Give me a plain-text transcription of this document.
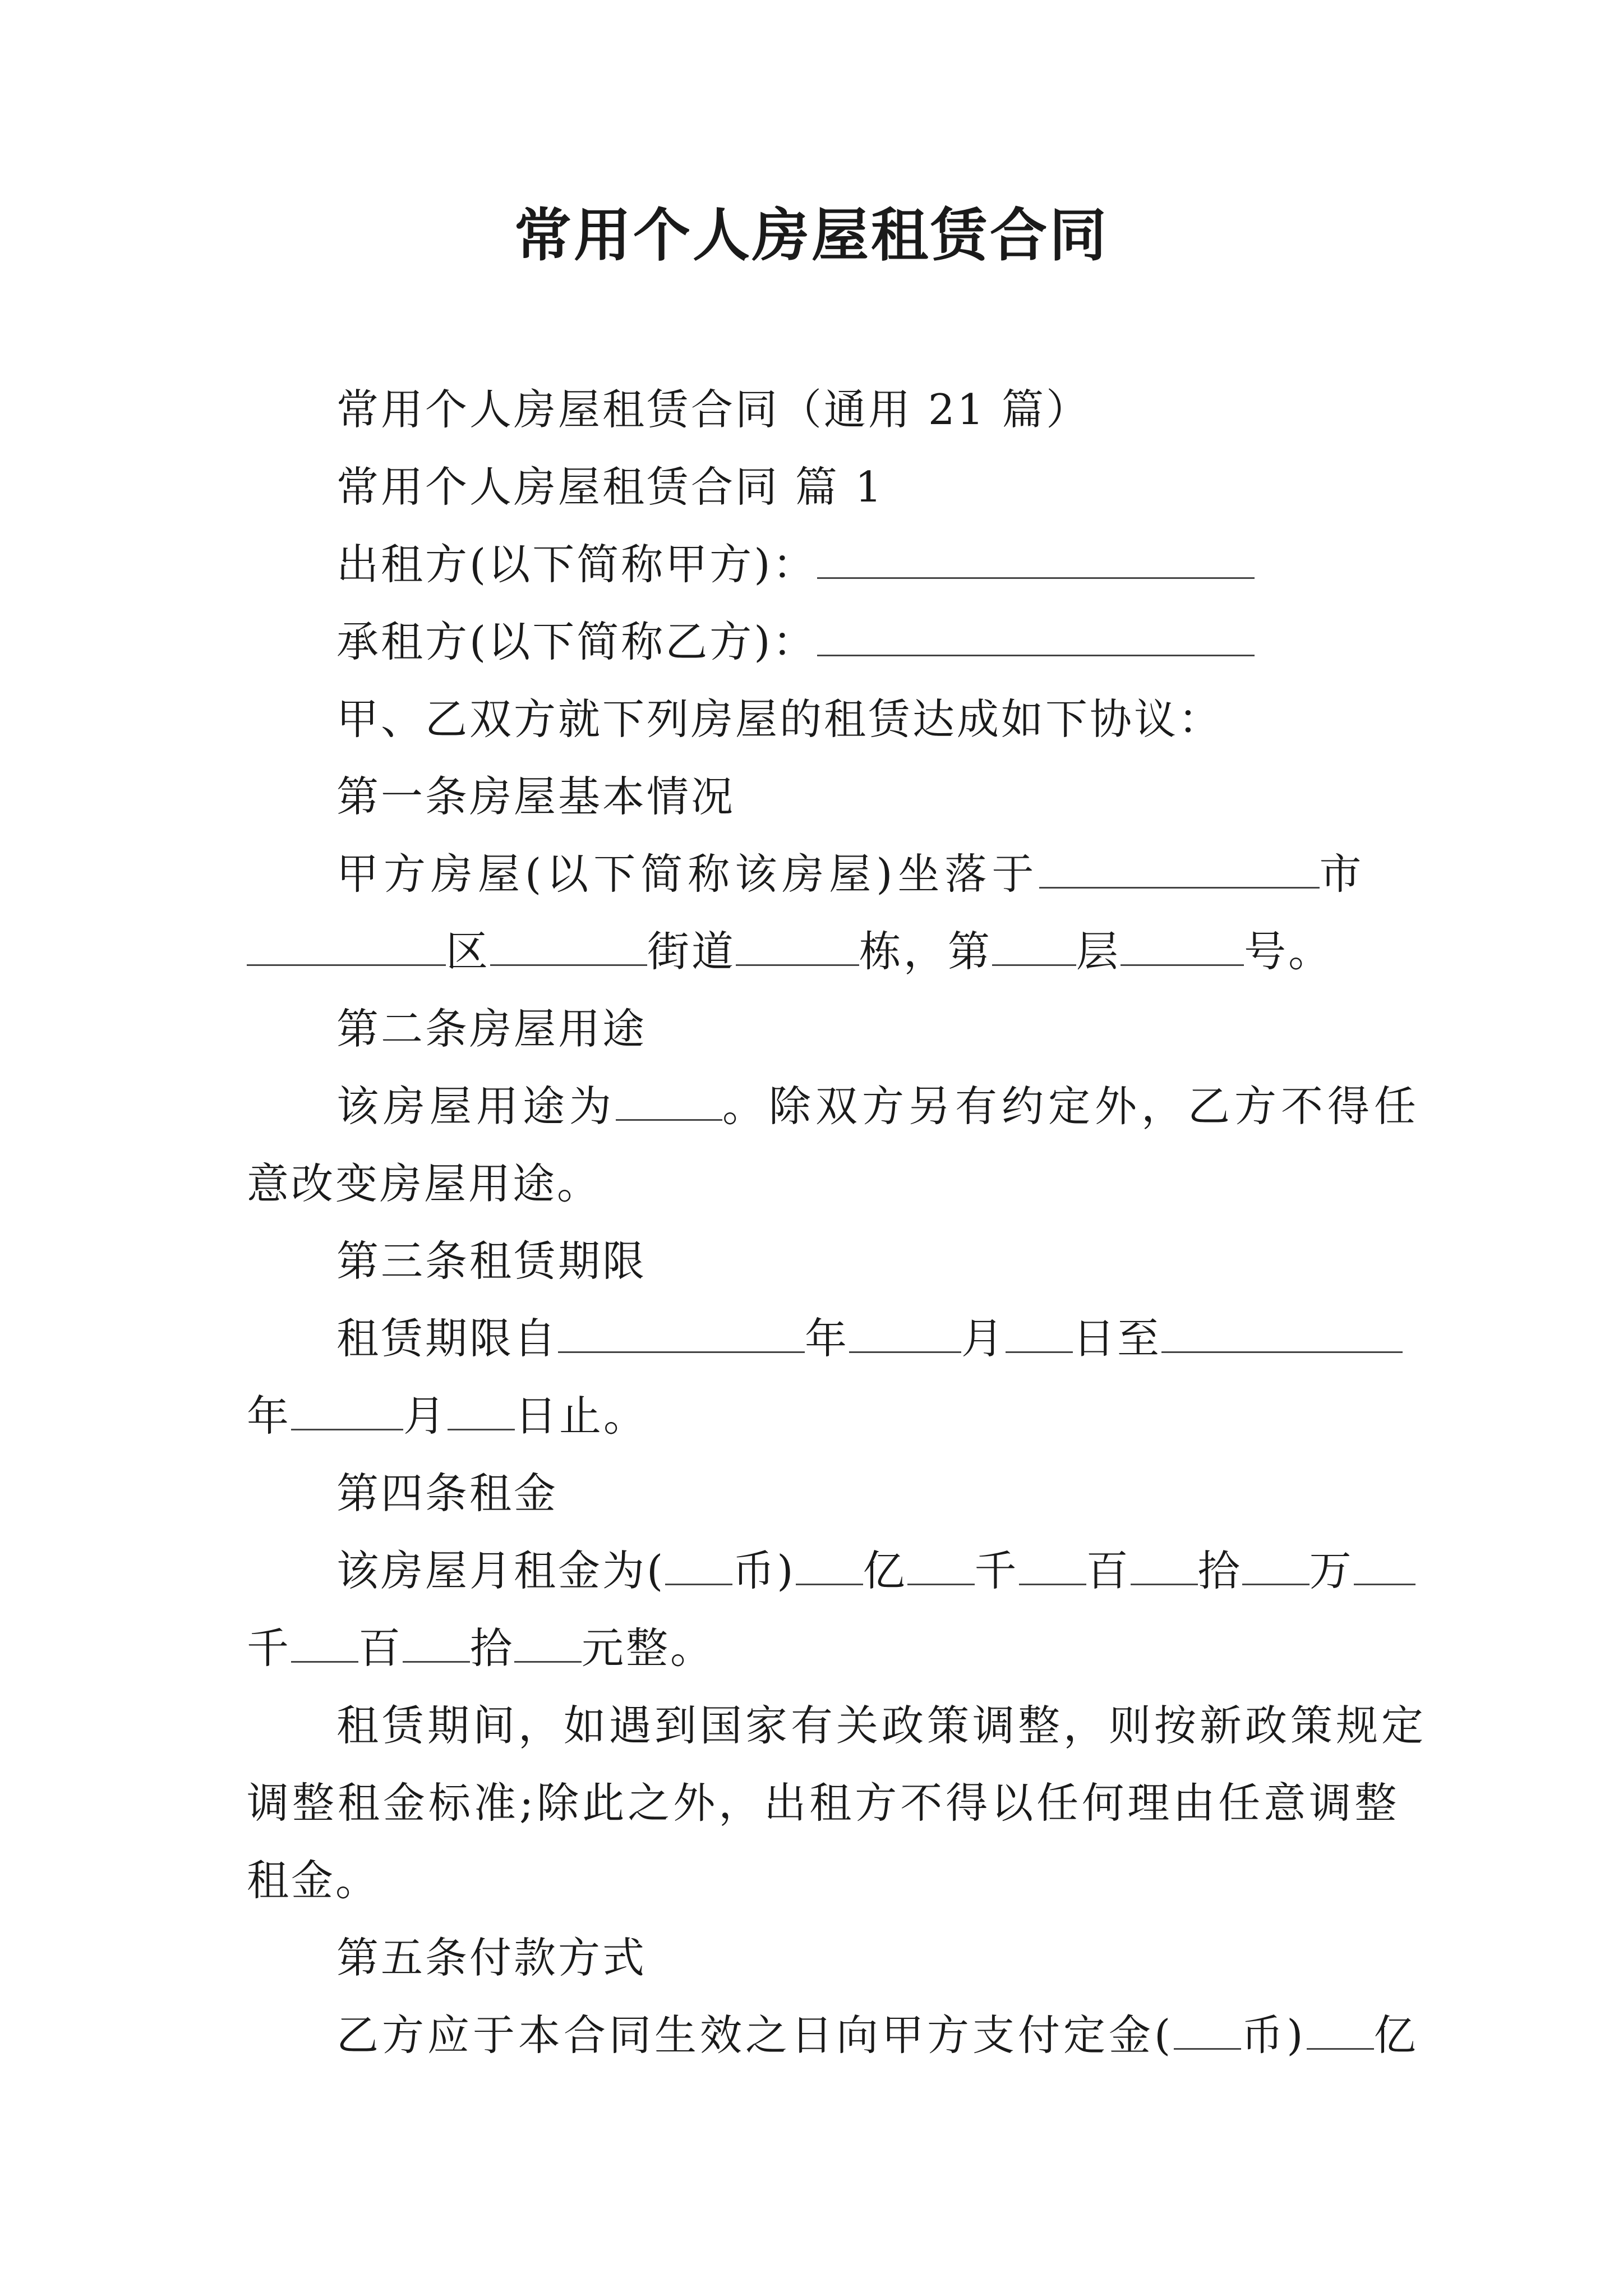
常用个人房屋租赁合同
常用个人房屋租赁合同（通用 21 篇）
常用个人房屋租赁合同 篇 1
出租方(以下简称甲方)：
承租方(以下简称乙方)：
甲、乙双方就下列房屋的租赁达成如下协议：
第一条房屋基本情况
甲方房屋(以下简称该房屋)坐落于	市
区	街道	栋，第 层	号。
第二条房屋用途
该房屋用途为	。除双方另有约定外，乙方不得任
意改变房屋用途。
第三条租赁期限
租赁期限自	年	月 日至
年	月 日止。
第四条租金
该房屋月租金为( 币) 亿 千 百 拾 万
千 百 拾 元整。
租赁期间，如遇到国家有关政策调整，则按新政策规定
调整租金标准;除此之外，出租方不得以任何理由任意调整
租金。
第五条付款方式
乙方应于本合同生效之日向甲方支付定金( 币) 亿
